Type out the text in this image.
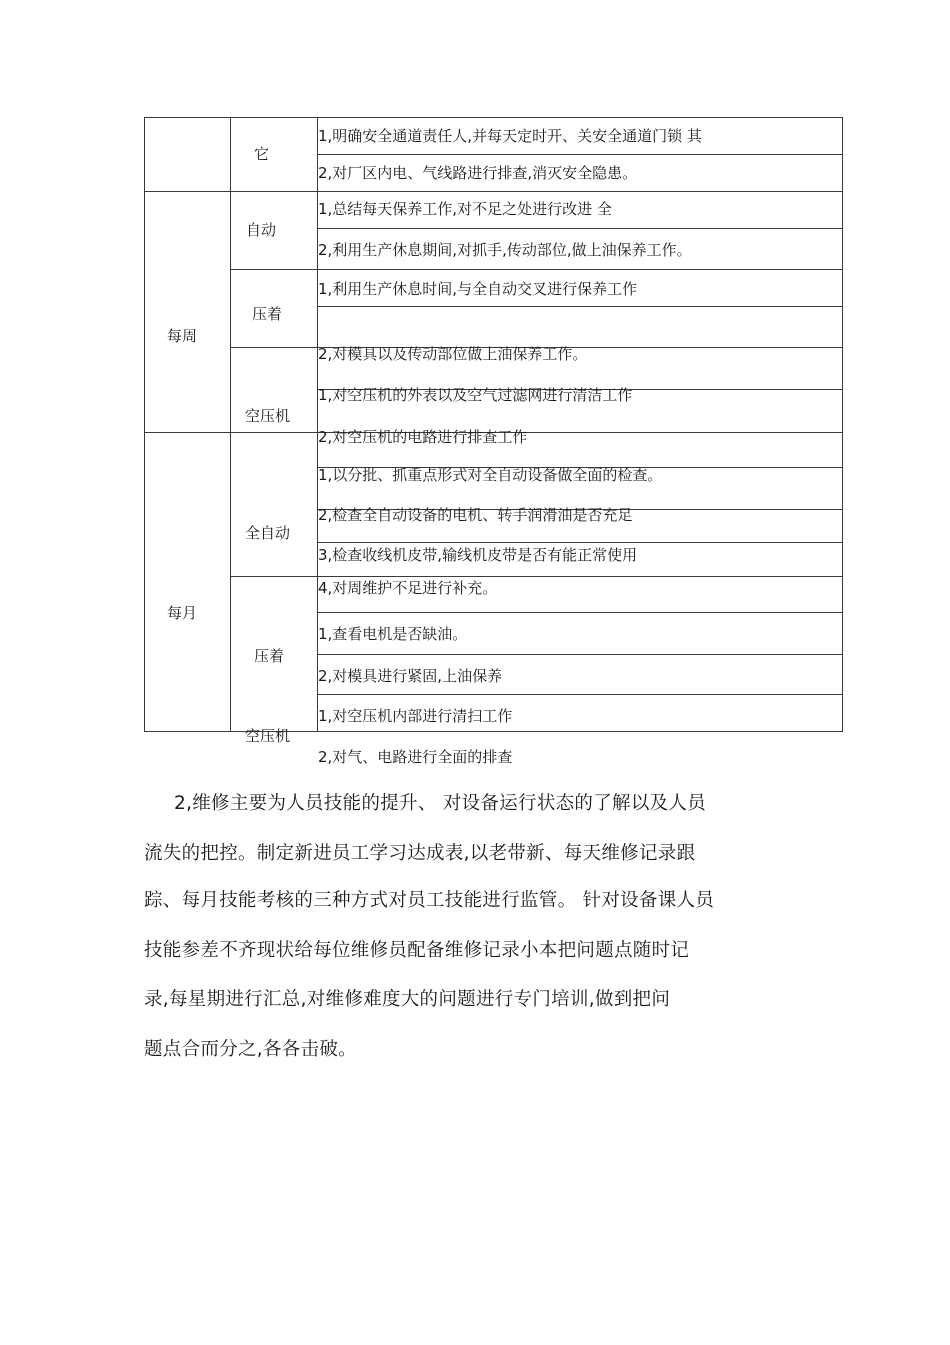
每周
每月
它
自动
压着
空压机
全自动
压着
空压机
1,明确安全通道责任人,并每天定时开、关安全通道门锁 其
2,对厂区内电、气线路进行排查,消灭安全隐患。
1,总结每天保养工作,对不足之处进行改进 全
2,利用生产休息期间,对抓手,传动部位,做上油保养工作。
1,利用生产休息时间,与全自动交叉进行保养工作
2,对模具以及传动部位做上油保养工作。
1,对空压机的外表以及空气过滤网进行清洁工作
2,对空压机的电路进行排查工作
1,以分批、抓重点形式对全自动设备做全面的检查。
2,检查全自动设备的电机、转手润滑油是否充足
3,检查收线机皮带,输线机皮带是否有能正常使用
4,对周维护不足进行补充。
1,查看电机是否缺油。
2,对模具进行紧固,上油保养
1,对空压机内部进行清扫工作
2,对气、电路进行全面的排查
2,维修主要为人员技能的提升、 对设备运行状态的了解以及人员
流失的把控。制定新进员工学习达成表,以老带新、每天维修记录跟
踪、每月技能考核的三种方式对员工技能进行监管。 针对设备课人员
技能参差不齐现状给每位维修员配备维修记录小本把问题点随时记
录,每星期进行汇总,对维修难度大的问题进行专门培训,做到把问
题点合而分之,各各击破。
